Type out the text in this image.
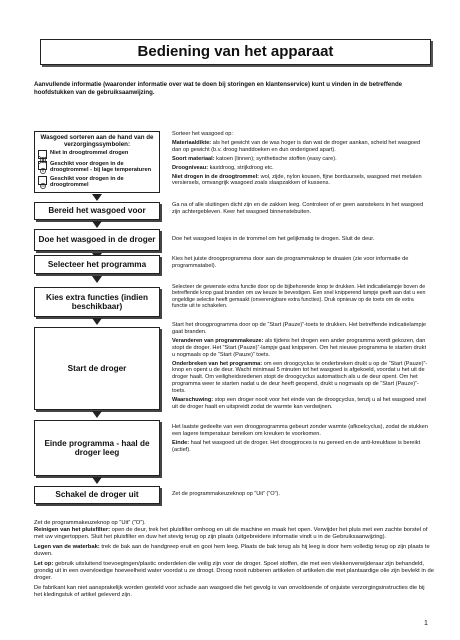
Bediening van het apparaat
Aanvullende informatie (waaronder informatie over wat te doen bij storingen en klantenservice) kunt u vinden in de betreffende hoofdstukken van de gebruiksaanwijzing.
Wasgoed sorteren aan de hand van de verzorgingssymbolen:
Niet in droogtrommel drogen
Geschikt voor drogen in de droogtrommel - bij lage temperaturen
Geschikt voor drogen in de droogtrommel

Sorteer het wasgoed op:

Materiaaldikte: als het gewicht van de was hoger is dan wat de droger aankan, scheid het wasgoed dan op gewicht (b.v. droog handdoeken en dun onderigoed apart).

Soort materiaal: katoen (linnen); synthetische stoffen (easy care).

Droogniveau: kastdroog, strijkdroog etc.

Niet drogen in de droogtrommel: wol, zijde, nylon kousen, fijne borduursels, wasgoed met metalen versiersels, omvangrijk wasgoed zoals slaapzakken of kussens.

Bereid het wasgoed voor
Ga na of alle sluitingen dicht zijn en de zakken leeg. Controleer of er geen aanstekers in het wasgoed zijn achtergebleven. Keer het wasgoed binnenstebuiten.
Doe het wasgoed in de droger	Doe het wasgoed losjes in de trommel om het gelijkmatig te drogen. Sluit de deur.
Selecteer het programma
Kies het juiste droogprogramma door aan de programmaknop te draaien (zie voor informatie de programmatabel).
Kies extra functies (indien beschikbaar)
Selecteer de gewenste extra functie door op de bijbehorende knop te drukken. Het indicatielampje boven de betreffende knop gaat branden om uw keuze te bevestigen. Een snel knipperend lampje geeft aan dat u een ongeldige selectie heeft gemaakt (onverenigbare extra functies). Druk opnieuw op de toets om de extra functie uit te schakelen.
Start de droger

Start het droogprogramma door op de “Start (Pauze)”-toets te drukken. Het betreffende indicatielampje gaat branden.

Veranderen van programmakeuze: als tijdens het drogen een ander programma wordt gekozen, dan stopt de droger. Het “Start (Pauze)”-lampje gaat knipperen. Om het nieuwe programma te starten drukt u nogmaals op de “Start (Pauze)” toets.

Onderbreken van het programma: om een droogcyclus te onderbreken drukt u op de “Start (Pauze)”-knop en opent u de deur. Wacht minimaal 5 minuten tot het wasgoed is afgekoeld, voordat u het uit de droger haalt. Om veiligheidsredenen stopt de droogcyclus automatisch als u de deur opent. Om het programma weer te starten nadat u de deur heeft geopend, drukt u nogmaals op de “Start (Pauze)”-toets.

Waarschuwing: stop een droger nooit voor het einde van de droogcyclus, tenzij u al het wasgoed snel uit de droger haalt en uitspreidt zodat de warmte kan verdwijnen.

Einde programma - haal de droger leeg

Het laatste gedeelte van een droogprogramma gebeurt zonder warmte (afkoelcyclus), zodat de stukken een lagere temperatuur bereiken om kreuken te voorkomen.

Einde: haal het wasgoed uit de droger. Het droogproces is nu gereed en de anti-kreukfase is bereikt (actief).

Schakel de droger uit	Zet de programmakeuzeknop op “Uit” (“O”).

Zet de programmakeuzeknop op “Uit” (“O”).

Reinigen van het pluisfilter: open de deur, trek het pluisfilter omhoog en uit de machine en maak het open. Verwijder het pluis met een zachte borstel of met uw vingertoppen. Sluit het pluisfilter en duw het stevig terug op zijn plaats (uitgebreidere informatie vindt u in de Gebruiksaanwijzing).

Legen van de waterbak: trek de bak aan de handgreep eruit en gooi hem leeg. Plaats de bak terug als hij leeg is door hem volledig terug op zijn plaats te duwen.

Let op: gebruik uitsluitend toevoegingen/plastic onderdelen die veilig zijn voor de droger. Spoel stoffen, die met een vlekkenverwijderaar zijn behandeld, grondig uit in een overvloedige hoeveelheid water voordat u ze droogt. Droog nooit rubberen artikelen of artikelen die met plantaardige olie zijn bevlekt in de droger.

De fabrikant kan niet aansprakelijk worden gesteld voor schade aan wasgoed die het gevolg is van onvoldoende of onjuiste verzorgingsinstructies die bij het kledingstuk of artikel geleverd zijn.

1
